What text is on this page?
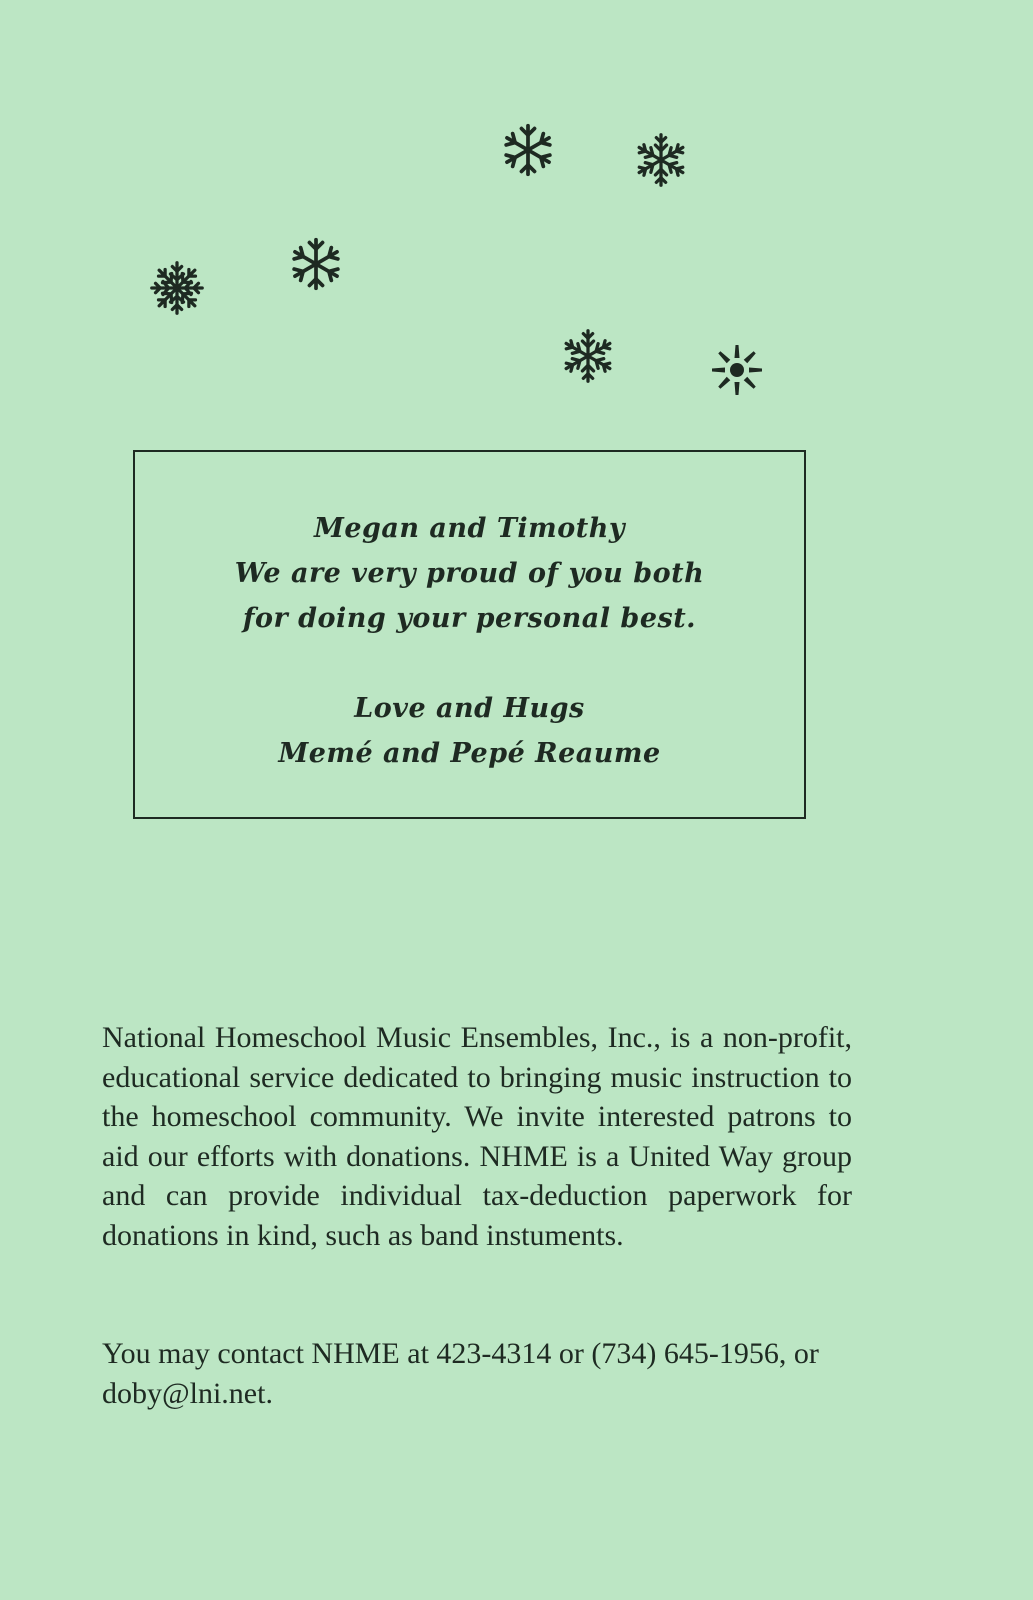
Megan and Timothy
We are very proud of you both
for doing your personal best.
Love and Hugs
Memé and Pepé Reaume

National Homeschool Music Ensembles, Inc., is a non-profit, educational service dedicated to bringing music instruction to the homeschool community. We invite interested patrons to aid our efforts with donations. NHME is a United Way group and can provide individual tax-deduction paperwork for donations in kind, such as band instuments.

You may contact NHME at 423-4314 or (734) 645-1956, or doby@lni.net.
